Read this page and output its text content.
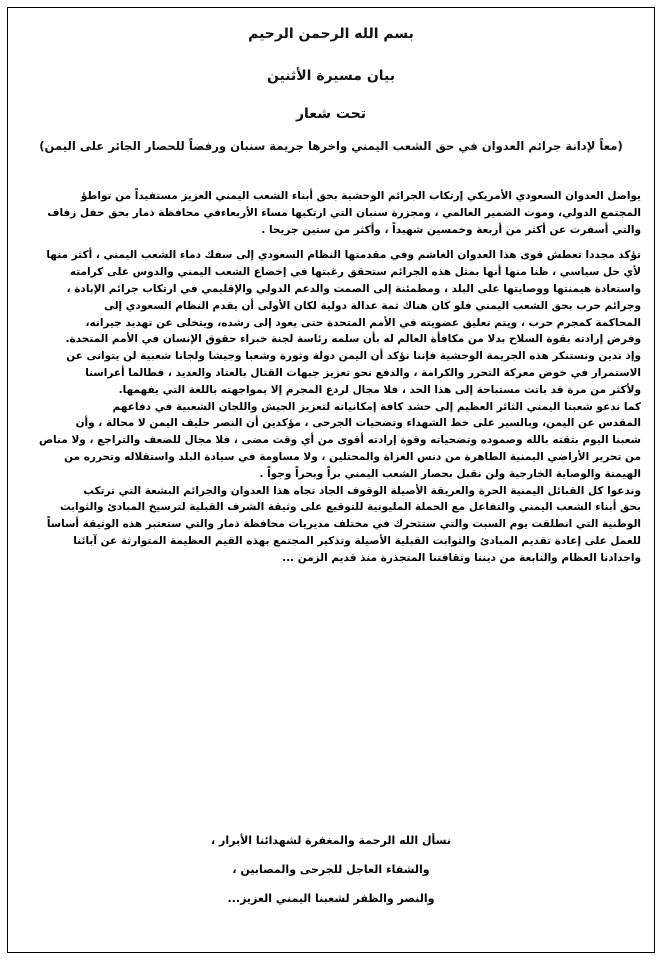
بسم الله الرحمن الرحيم
بيان مسيرة الأثنين
تحت شعار
(معاً لإدانة جرائم العدوان في حق الشعب اليمني واخرها جريمة سنبان ورفضاً للحصار الجائر على اليمن)
يواصل العدوان السعودي الأمريكي إرتكاب الجرائم الوحشية بحق أبناء الشعب اليمني العزيز مستفيداً من تواطؤ
المجتمع الدولي، وموت الضمير العالمي ، ومجزرة سنبان التي ارتكبها مساء الأربعاءفي محافظة ذمار بحق حفل زفاف
والتي أسفرت عن أكثر من أربعة وخمسين شهيداً ، وأكثر من ستين جريحا .
تؤكد مجددا تعطش قوى هذا العدوان الغاشم وفي مقدمتها النظام السعودي إلى سفك دماء الشعب اليمني ، أكثر منها
لأي حل سياسي ، ظنا منها أنها بمثل هذه الجرائم ستحقق رغبتها في إخضاع الشعب اليمني والدوس على كرامته
واستعادة هيمنتها ووصايتها على البلد ، ومطمئنة إلى الصمت والدعم الدولي والإقليمي في ارتكاب جرائم الإبادة ،
وجرائم حرب بحق الشعب اليمني فلو كان هناك ثمة عدالة دولية لكان الأولى أن يقدم النظام السعودي إلى
المحاكمة كمجرم حرب ، ويتم تعليق عضويته في الأمم المتحدة حتى يعود إلى رشده، ويتخلى عن تهديد جيرانه،
وفرض إرادته بقوة السلاح بدلا من مكافأة العالم له بأن سلمه رئاسة لجنة خبراء حقوق الإنسان في الأمم المتحدة.
وإذ ندين ونستنكر هذه الجريمة الوحشية فإننا نؤكد أن اليمن دولة وثورة وشعبا وجيشا ولجانا شعبية لن يتوانى عن
الاستمرار في خوض معركة التحرر والكرامة ، والدفع نحو تعزيز جبهات القتال بالعتاد والعديد ، فطالما أعراسنا
ولأكثر من مرة قد باتت مستباحة إلى هذا الحد ، فلا مجال لردع المجرم إلا بمواجهته باللغة التي يفهمها.
كما ندعو شعبنا اليمني الثائر العظيم إلى حشد كافة إمكانياته لتعزيز الجيش واللجان الشعبية في دفاعهم
المقدس عن اليمن، وبالسير على خط الشهداء وتضحيات الجرحى ، مؤكدين أن النصر حليف اليمن لا محالة ، وأن
شعبنا اليوم بثقته بالله وصموده وتضحياته وقوة إرادته أقوى من أي وقت مضى ، فلا مجال للضعف والتراجع ، ولا مناص
من تحرير الأراضي اليمنية الطاهرة من دنس الغزاة والمحتلين ، ولا مساومة في سيادة البلد واستقلاله وتحرره من
الهيمنة والوصاية الخارجية ولن نقبل بحصار الشعب اليمني براً وبحراً وجواً .
وندعوا كل القبائل اليمنية الحرة والعريقة الأصيلة الوقوف الجاد تجاه هذا العدوان والجرائم البشعة التي ترتكب
بحق أبناء الشعب اليمني والتفاعل مع الحملة المليونية للتوقيع على وثيقة الشرف القبلية لترسيخ المبادئ والثوابت
الوطنية التي انطلقت يوم السبت والتي ستتحرك في مختلف مديريات محافظة ذمار والتي ستعتبر هذه الوثيقة أساساً
للعمل على إعادة تقديم المبادئ والثوابت القبلية الأصيلة وتذكير المجتمع بهذه القيم العظيمة المتوارثة عن آبائنا
واجدادنا العظام والنابعة من ديننا وثقافتنا المتجذرة منذ قديم الزمن ...
نسأل الله الرحمة والمغفرة لشهدائنا الأبرار ،
والشفاء العاجل للجرحى والمصابين ،
والنصر والظفر لشعبنا اليمني العزيز...
